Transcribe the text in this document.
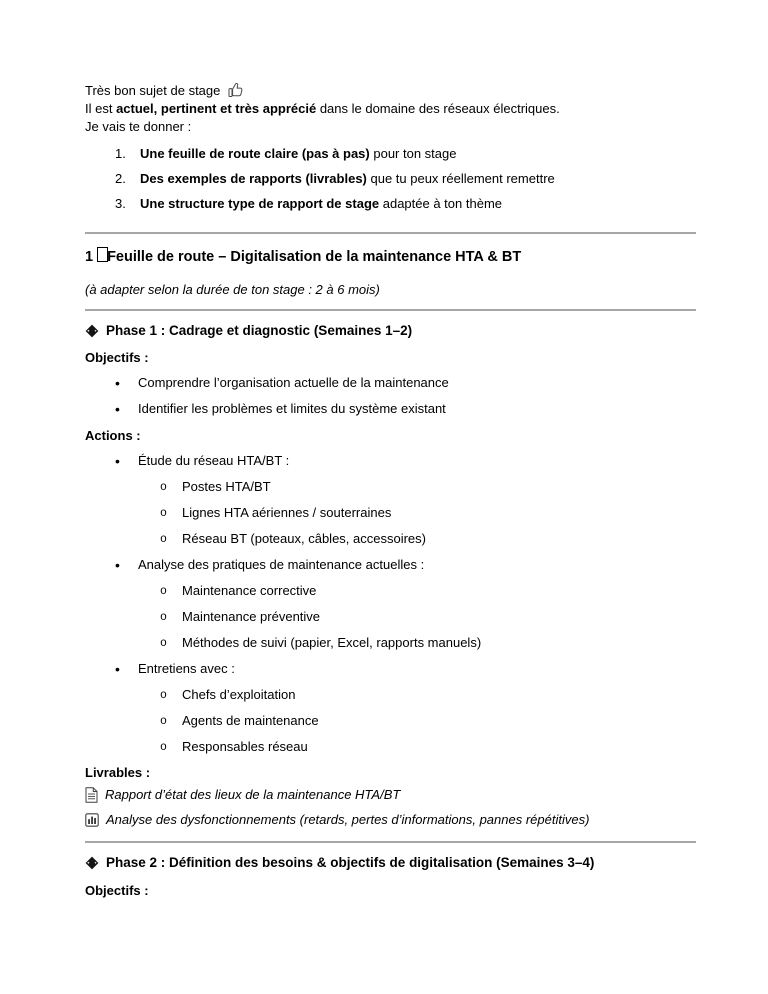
Très bon sujet de stage

Il est actuel, pertinent et très apprécié dans le domaine des réseaux électriques.

Je vais te donner :

1.	Une feuille de route claire (pas à pas) pour ton stage
2.	Des exemples de rapports (livrables) que tu peux réellement remettre
3.	Une structure type de rapport de stage adaptée à ton thème
1 Feuille de route – Digitalisation de la maintenance HTA & BT

(à adapter selon la durée de ton stage : 2 à 6 mois)

Phase 1 : Cadrage et diagnostic (Semaines 1–2)

Objectifs :

•
Comprendre l’organisation actuelle de la maintenance
•
Identifier les problèmes et limites du système existant

Actions :

•
Étude du réseau HTA/BT :
o
Postes HTA/BT
o
Lignes HTA aériennes / souterraines
o
Réseau BT (poteaux, câbles, accessoires)
•
Analyse des pratiques de maintenance actuelles :
o
Maintenance corrective
o
Maintenance préventive
o
Méthodes de suivi (papier, Excel, rapports manuels)
•
Entretiens avec :
o
Chefs d’exploitation
o
Agents de maintenance
o
Responsables réseau

Livrables :

Rapport d’état des lieux de la maintenance HTA/BT
Analyse des dysfonctionnements (retards, pertes d’informations, pannes répétitives)
Phase 2 : Définition des besoins & objectifs de digitalisation (Semaines 3–4)

Objectifs :
